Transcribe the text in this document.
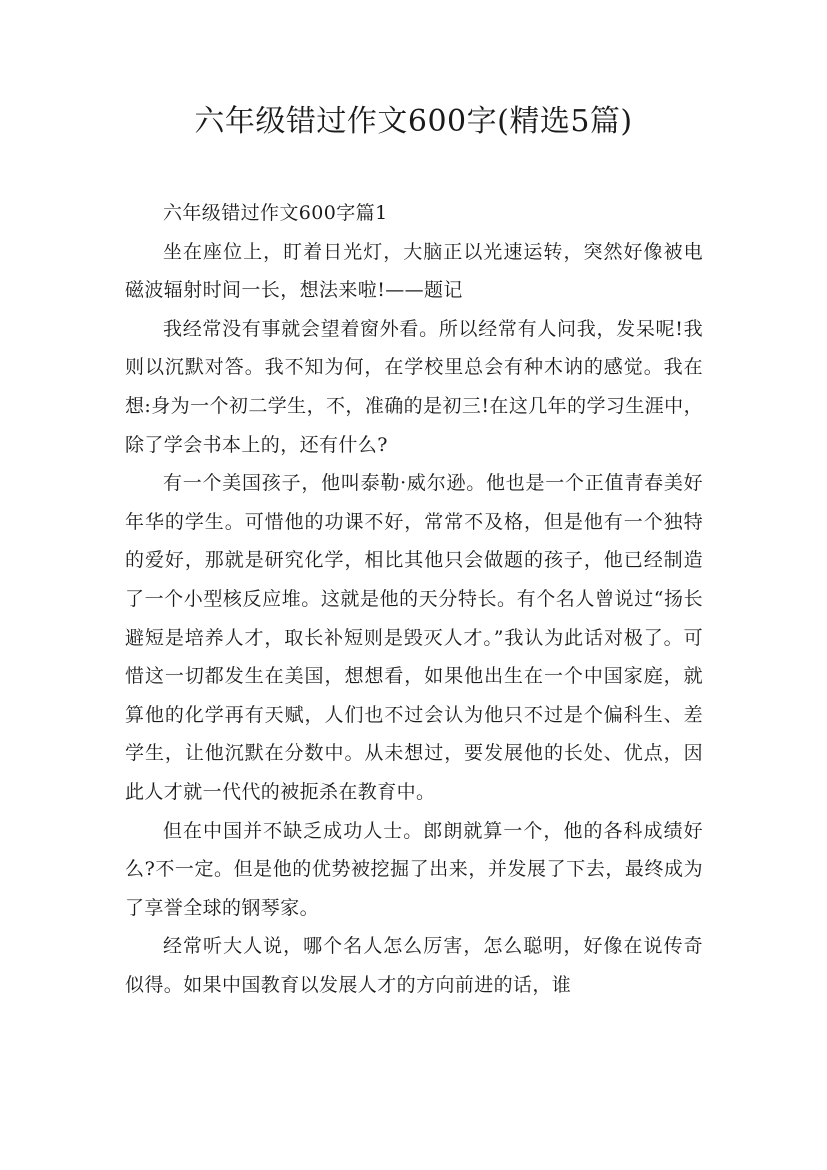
六年级错过作文600字(精选5篇)

六年级错过作文600字篇1

坐在座位上，盯着日光灯，大脑正以光速运转，突然好像被电磁波辐射时间一长，想法来啦!——题记

我经常没有事就会望着窗外看。所以经常有人问我，发呆呢!我则以沉默对答。我不知为何，在学校里总会有种木讷的感觉。我在想:身为一个初二学生，不，准确的是初三!在这几年的学习生涯中，除了学会书本上的，还有什么?

有一个美国孩子，他叫泰勒·威尔逊。他也是一个正值青春美好年华的学生。可惜他的功课不好，常常不及格，但是他有一个独特的爱好，那就是研究化学，相比其他只会做题的孩子，他已经制造了一个小型核反应堆。这就是他的天分特长。有个名人曾说过“扬长避短是培养人才，取长补短则是毁灭人才。”我认为此话对极了。可惜这一切都发生在美国，想想看，如果他出生在一个中国家庭，就算他的化学再有天赋，人们也不过会认为他只不过是个偏科生、差学生，让他沉默在分数中。从未想过，要发展他的长处、优点，因此人才就一代代的被扼杀在教育中。

但在中国并不缺乏成功人士。郎朗就算一个，他的各科成绩好么?不一定。但是他的优势被挖掘了出来，并发展了下去，最终成为了享誉全球的钢琴家。

经常听大人说，哪个名人怎么厉害，怎么聪明，好像在说传奇似得。如果中国教育以发展人才的方向前进的话，谁
